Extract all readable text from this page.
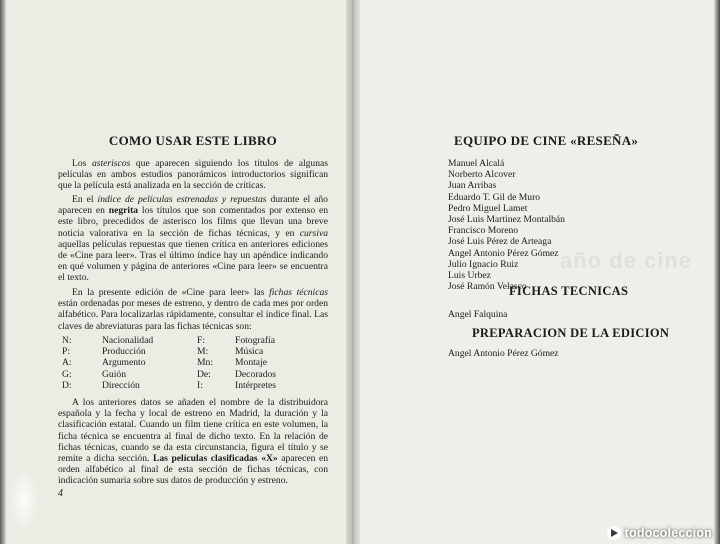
COMO USAR ESTE LIBRO

Los asteriscos que aparecen siguiendo los títulos de algunas películas en ambos estudios panorámicos introductorios significan que la película está analizada en la sección de críticas.

En el índice de películas estrenadas y repuestas durante el año aparecen en negrita los títulos que son comentados por extenso en este libro, precedidos de asterisco los films que llevan una breve noticia valorativa en la sección de fichas técnicas, y en cursiva aquellas películas repuestas que tienen crítica en anteriores ediciones de «Cine para leer». Tras el último índice hay un apéndice indicando en qué volumen y página de anteriores «Cine para leer» se encuentra el texto.

En la presente edición de «Cine para leer» las fichas técnicas están ordenadas por meses de estreno, y dentro de cada mes por orden alfabético. Para localizarlas rápidamente, consultar el índice final. Las claves de abreviaturas para las fichas técnicas son:

N:	Nacionalidad	F:	Fotografía
P:	Producción	M:	Música
A:	Argumento	Mn:	Montaje
G:	Guión	De:	Decorados
D:	Dirección	I:	Intérpretes

A los anteriores datos se añaden el nombre de la distribuidora española y la fecha y local de estreno en Madrid, la duración y la clasificación estatal. Cuando un film tiene crítica en este volumen, la ficha técnica se encuentra al final de dicho texto. En la relación de fichas técnicas, cuando se da esta circunstancia, figura el título y se remite a dicha sección. Las películas clasificadas «X» aparecen en orden alfabético al final de esta sección de fichas técnicas, con indicación sumaria sobre sus datos de producción y estreno.

4
año de cine
EQUIPO DE CINE «RESEÑA»
Manuel Alcalá
Norberto Alcover
Juan Arribas
Eduardo T. Gil de Muro
Pedro Miguel Lamet
José Luis Martínez Montalbán
Francisco Moreno
José Luis Pérez de Arteaga
Angel Antonio Pérez Gómez
Julio Ignacio Ruiz
Luis Urbez
José Ramón Velasco
FICHAS TECNICAS
Angel Falquina
PREPARACION DE LA EDICION
Angel Antonio Pérez Gómez
todocoleccion
